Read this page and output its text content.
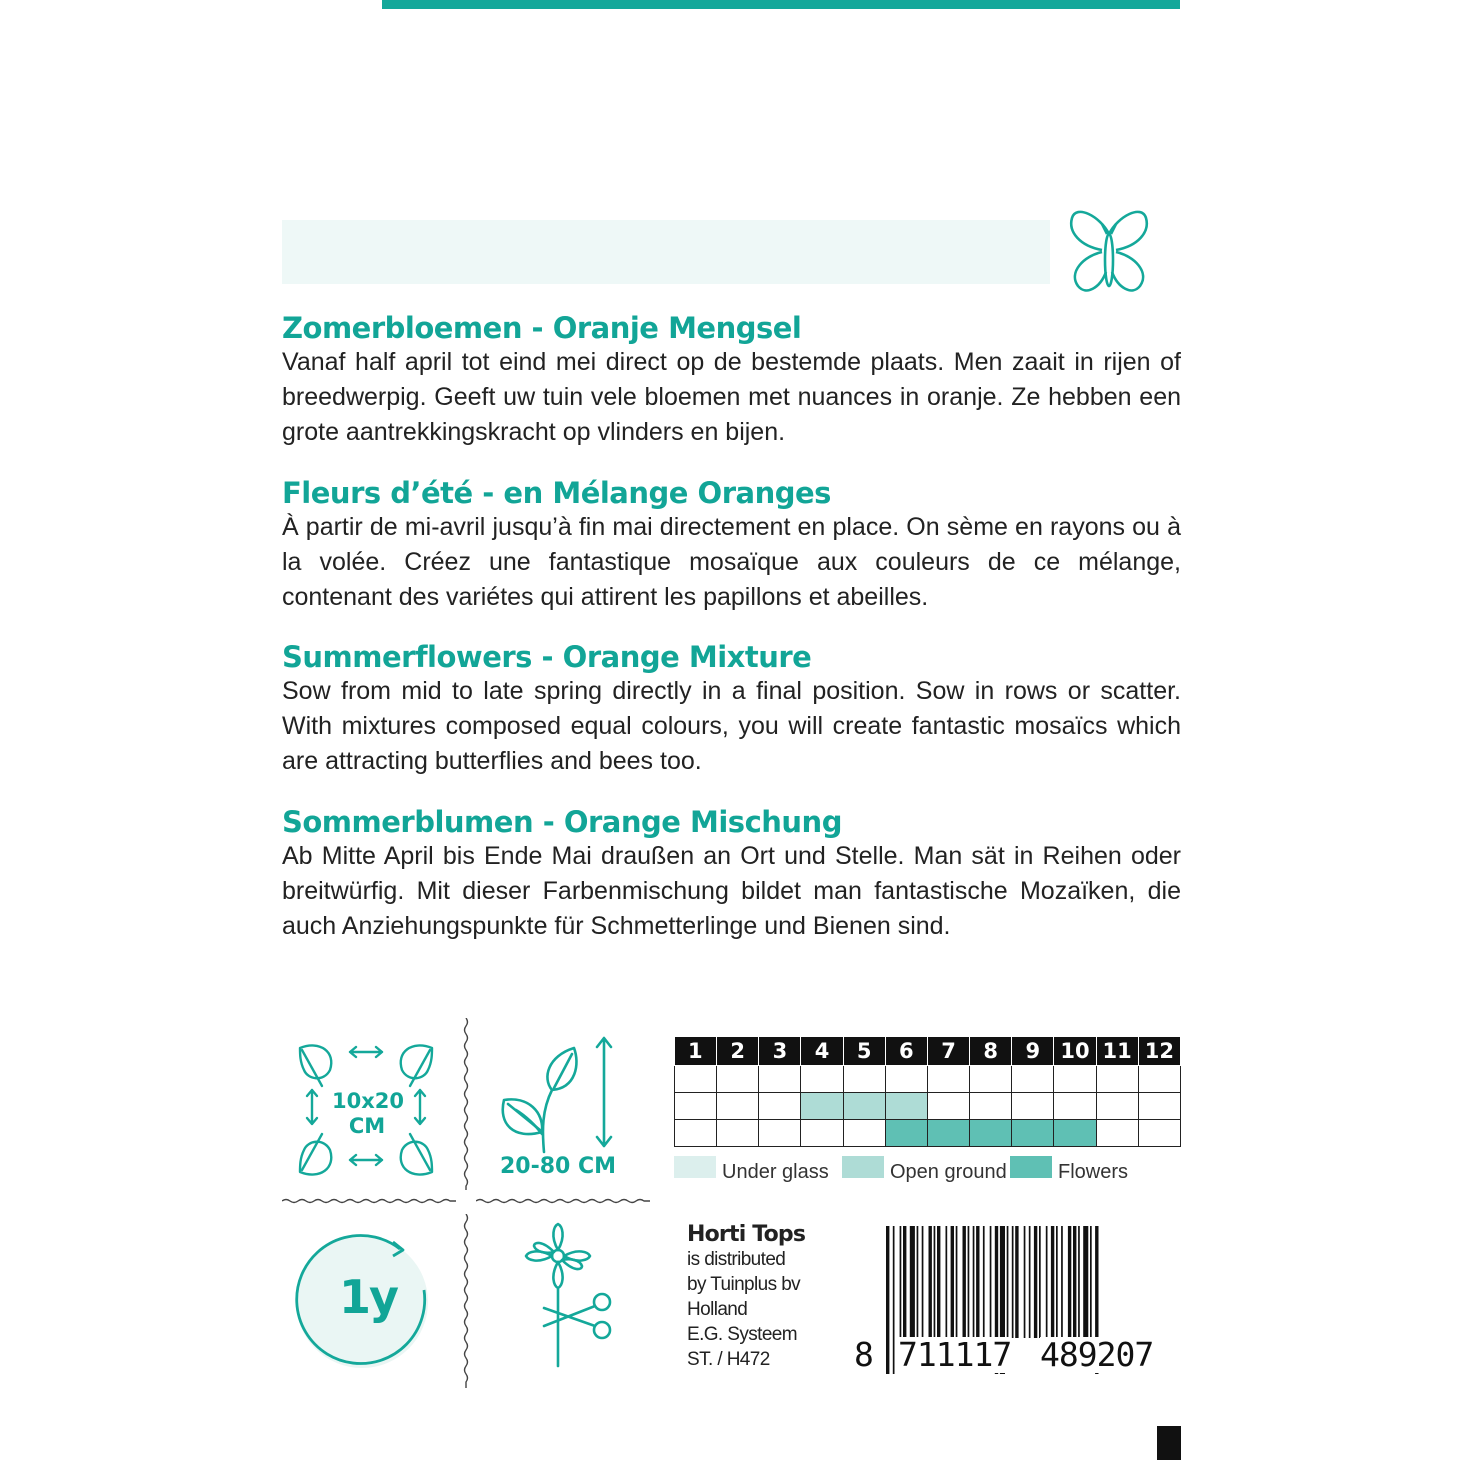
Zomerbloemen - Oranje Mengsel

Vanaf half april tot eind mei direct op de bestemde plaats. Men zaait in rijen of breedwerpig. Geeft uw tuin vele bloemen met nuances in oranje. Ze hebben een grote aantrekkingskracht op vlinders en bijen.

Fleurs d’été - en Mélange Oranges

À partir de mi-avril jusqu’à fin mai directement en place. On sème en rayons ou à la volée. Créez une fantastique mosaïque aux couleurs de ce mélange, contenant des variétes qui attirent les papillons et abeilles.

Summerflowers - Orange Mixture

Sow from mid to late spring directly in a final position. Sow in rows or scatter. With mixtures composed equal colours, you will create fantastic mosaïcs which are attracting butterflies and bees too.

Sommerblumen - Orange Mischung

Ab Mitte April bis Ende Mai draußen an Ort und Stelle. Man sät in Reihen oder breitwürfig. Mit dieser Farbenmischung bildet man fantastische Mozaïken, die auch Anziehungspunkte für Schmetterlinge und Bienen sind.

10x20
CM
20-80 CM
1y
1	2	3	4	5	6	7	8	9	10	11	12

Under glass	Open ground	Flowers
Horti Tops
is distributed
by Tuinplus bv
Holland
E.G. Systeem
ST. / H472	8 711117 489207
